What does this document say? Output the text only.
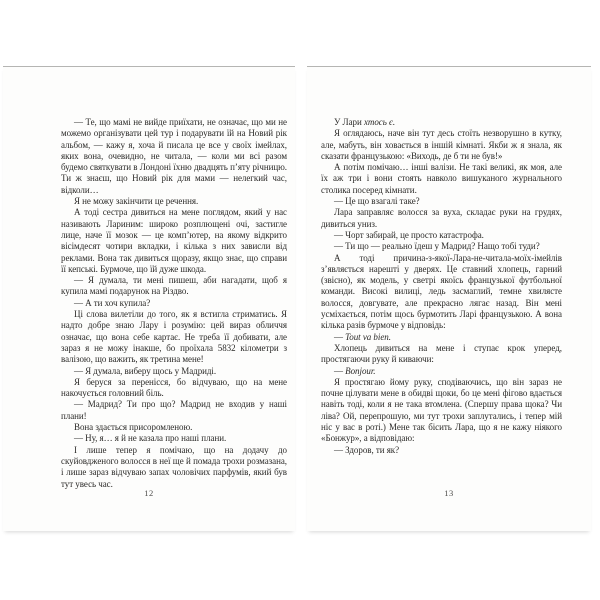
— Те, що мамі не вийде приїхати, не означає, що ми не можемо організувати цей тур і подарувати їй на Новий рік альбом, — кажу я, хоча й писала це все у своїх імейлах, яких вона, очевидно, не читала, — коли ми всі разом будемо святкувати в Лондоні їхню двадцять п’яту річницю. Ти ж знаєш, що Новий рік для мами — нелегкий час, відколи…

Я не можу закінчити це речення.

А тоді сестра дивиться на мене поглядом, який у нас називають Лариним: широко розплющені очі, застигле лице, наче її мозок — це комп’ютер, на якому відкрито вісімдесят чотири вкладки, і кілька з них зависли від реклами. Вона так дивиться щоразу, якщо знає, що справи її кепські. Бурмоче, що їй дуже шкода.

— Я думала, ти мені пишеш, аби нагадати, щоб я купила мамі подарунок на Різдво.

— А ти хоч купила?

Ці слова вилетіли до того, як я встигла стриматись. Я надто добре знаю Лару і розумію: цей вираз обличчя означає, що вона себе картає. Не треба її добивати, але зараз я не можу інакше, бо проїхала 5832 кілометри з валізою, що важить, як третина мене!

— Я думала, виберу щось у Мадриді.

Я беруся за перенісся, бо відчуваю, що на мене накочується головний біль.

— Мадрид? Ти про що? Мадрид не входив у наші плани!

Вона здається присоромленою.

— Ну, я… я й не казала про наші плани.

І лише тепер я помічаю, що на додачу до скуйовдженого волосся в неї ще й помада трохи розмазана, і лише зараз відчуваю запах чоловічих парфумів, який був тут увесь час.

12

У Лари хтось є.

Я оглядаюсь, наче він тут десь стоїть незворушно в кутку, але, мабуть, він ховається в іншій кімнаті. Якби ж я знала, як сказати французькою: «Виходь, де б ти не був!»

А потім помічаю… інші валізи. Не такі великі, як моя, але їх аж три і вони стоять навколо вишуканого журнального столика посеред кімнати.

— Це що взагалі таке?

Лара заправляє волосся за вуха, складає руки на грудях, дивиться униз.

— Чорт забирай, це просто катастрофа.

— Ти що — реально їдеш у Мадрид? Нащо тобі туди?

А тоді причина-з-якої-Лара-не-читала-моїх-імейлів з’являється нарешті у дверях. Це ставний хлопець, гарний (звісно), як модель, у светрі якоїсь французької футбольної команди. Високі вилиці, ледь засмаглий, темне хвилясте волосся, довгувате, але прекрасно лягає назад. Він мені усміхається, потім щось бурмотить Ларі французькою. А вона кілька разів бурмоче у відповідь:

— Tout va bien.

Хлопець дивиться на мене і ступає крок уперед, простягаючи руку й киваючи:

— Bonjour.

Я простягаю йому руку, сподіваючись, що він зараз не почне цілувати мене в обидві щоки, бо це мені фігово вдається навіть тоді, коли я не така втомлена. (Спершу права щока? Чи ліва? Ой, перепрошую, ми тут трохи заплутались, і тепер мій ніс у вас в роті.) Мене так бісить Лара, що я не кажу ніякого «Бонжур», а відповідаю:

— Здоров, ти як?

13
